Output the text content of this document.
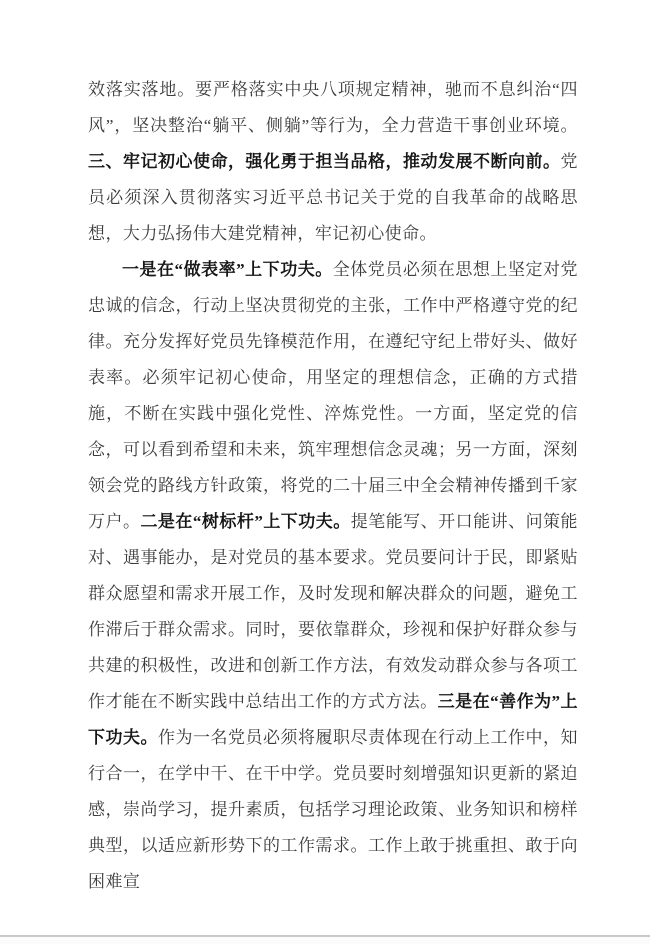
效落实落地。要严格落实中央八项规定精神，驰而不息纠治“四风”，坚决整治“躺平、侧躺”等行为，全力营造干事创业环境。三、牢记初心使命，强化勇于担当品格，推动发展不断向前。党员必须深入贯彻落实习近平总书记关于党的自我革命的战略思想，大力弘扬伟大建党精神，牢记初心使命。

一是在“做表率”上下功夫。全体党员必须在思想上坚定对党忠诚的信念，行动上坚决贯彻党的主张，工作中严格遵守党的纪律。充分发挥好党员先锋模范作用，在遵纪守纪上带好头、做好表率。必须牢记初心使命，用坚定的理想信念，正确的方式措施，不断在实践中强化党性、淬炼党性。一方面，坚定党的信念，可以看到希望和未来，筑牢理想信念灵魂；另一方面，深刻领会党的路线方针政策，将党的二十届三中全会精神传播到千家万户。二是在“树标杆”上下功夫。提笔能写、开口能讲、问策能对、遇事能办，是对党员的基本要求。党员要问计于民，即紧贴群众愿望和需求开展工作，及时发现和解决群众的问题，避免工作滞后于群众需求。同时，要依靠群众，珍视和保护好群众参与共建的积极性，改进和创新工作方法，有效发动群众参与各项工作才能在不断实践中总结出工作的方式方法。三是在“善作为”上下功夫。作为一名党员必须将履职尽责体现在行动上工作中，知行合一，在学中干、在干中学。党员要时刻增强知识更新的紧迫感，崇尚学习，提升素质，包括学习理论政策、业务知识和榜样典型，以适应新形势下的工作需求。工作上敢于挑重担、敢于向困难宣
